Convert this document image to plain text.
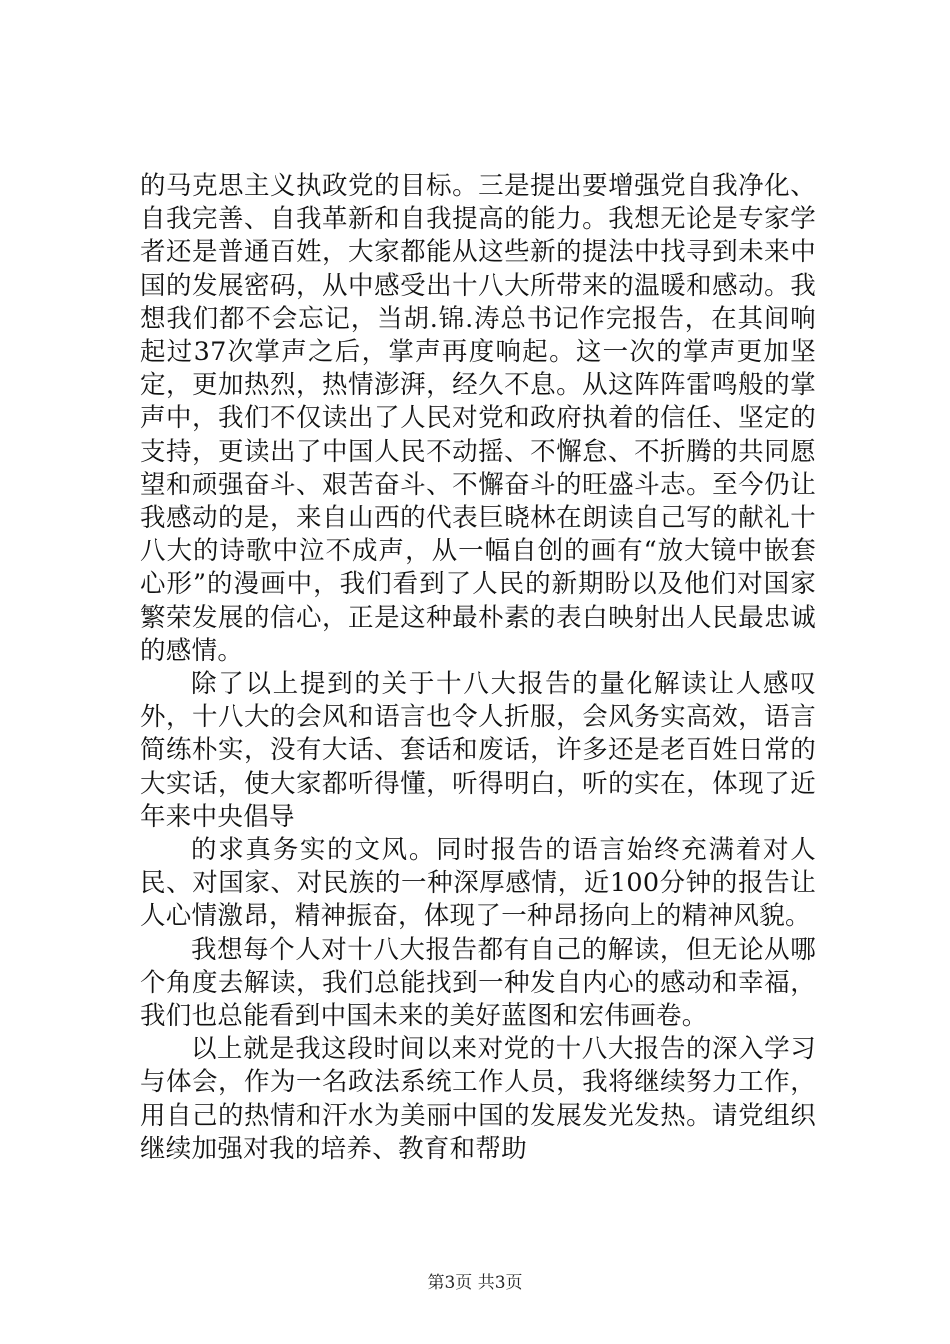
的马克思主义执政党的目标。三是提出要增强党自我净化、自我完善、自我革新和自我提高的能力。我想无论是专家学者还是普通百姓，大家都能从这些新的提法中找寻到未来中国的发展密码，从中感受出十八大所带来的温暖和感动。我想我们都不会忘记，当胡.锦.涛总书记作完报告，在其间响起过37次掌声之后，掌声再度响起。这一次的掌声更加坚定，更加热烈，热情澎湃，经久不息。从这阵阵雷鸣般的掌声中，我们不仅读出了人民对党和政府执着的信任、坚定的支持，更读出了中国人民不动摇、不懈怠、不折腾的共同愿望和顽强奋斗、艰苦奋斗、不懈奋斗的旺盛斗志。至今仍让我感动的是，来自山西的代表巨晓林在朗读自己写的献礼十八大的诗歌中泣不成声，从一幅自创的画有“放大镜中嵌套心形”的漫画中，我们看到了人民的新期盼以及他们对国家繁荣发展的信心，正是这种最朴素的表白映射出人民最忠诚的感情。

除了以上提到的关于十八大报告的量化解读让人感叹外，十八大的会风和语言也令人折服，会风务实高效，语言简练朴实，没有大话、套话和废话，许多还是老百姓日常的大实话，使大家都听得懂，听得明白，听的实在，体现了近年来中央倡导

的求真务实的文风。同时报告的语言始终充满着对人民、对国家、对民族的一种深厚感情，近100分钟的报告让人心情激昂，精神振奋，体现了一种昂扬向上的精神风貌。

我想每个人对十八大报告都有自己的解读，但无论从哪个角度去解读，我们总能找到一种发自内心的感动和幸福，我们也总能看到中国未来的美好蓝图和宏伟画卷。

以上就是我这段时间以来对党的十八大报告的深入学习与体会，作为一名政法系统工作人员，我将继续努力工作，用自己的热情和汗水为美丽中国的发展发光发热。请党组织继续加强对我的培养、教育和帮助

第3页 共3页
